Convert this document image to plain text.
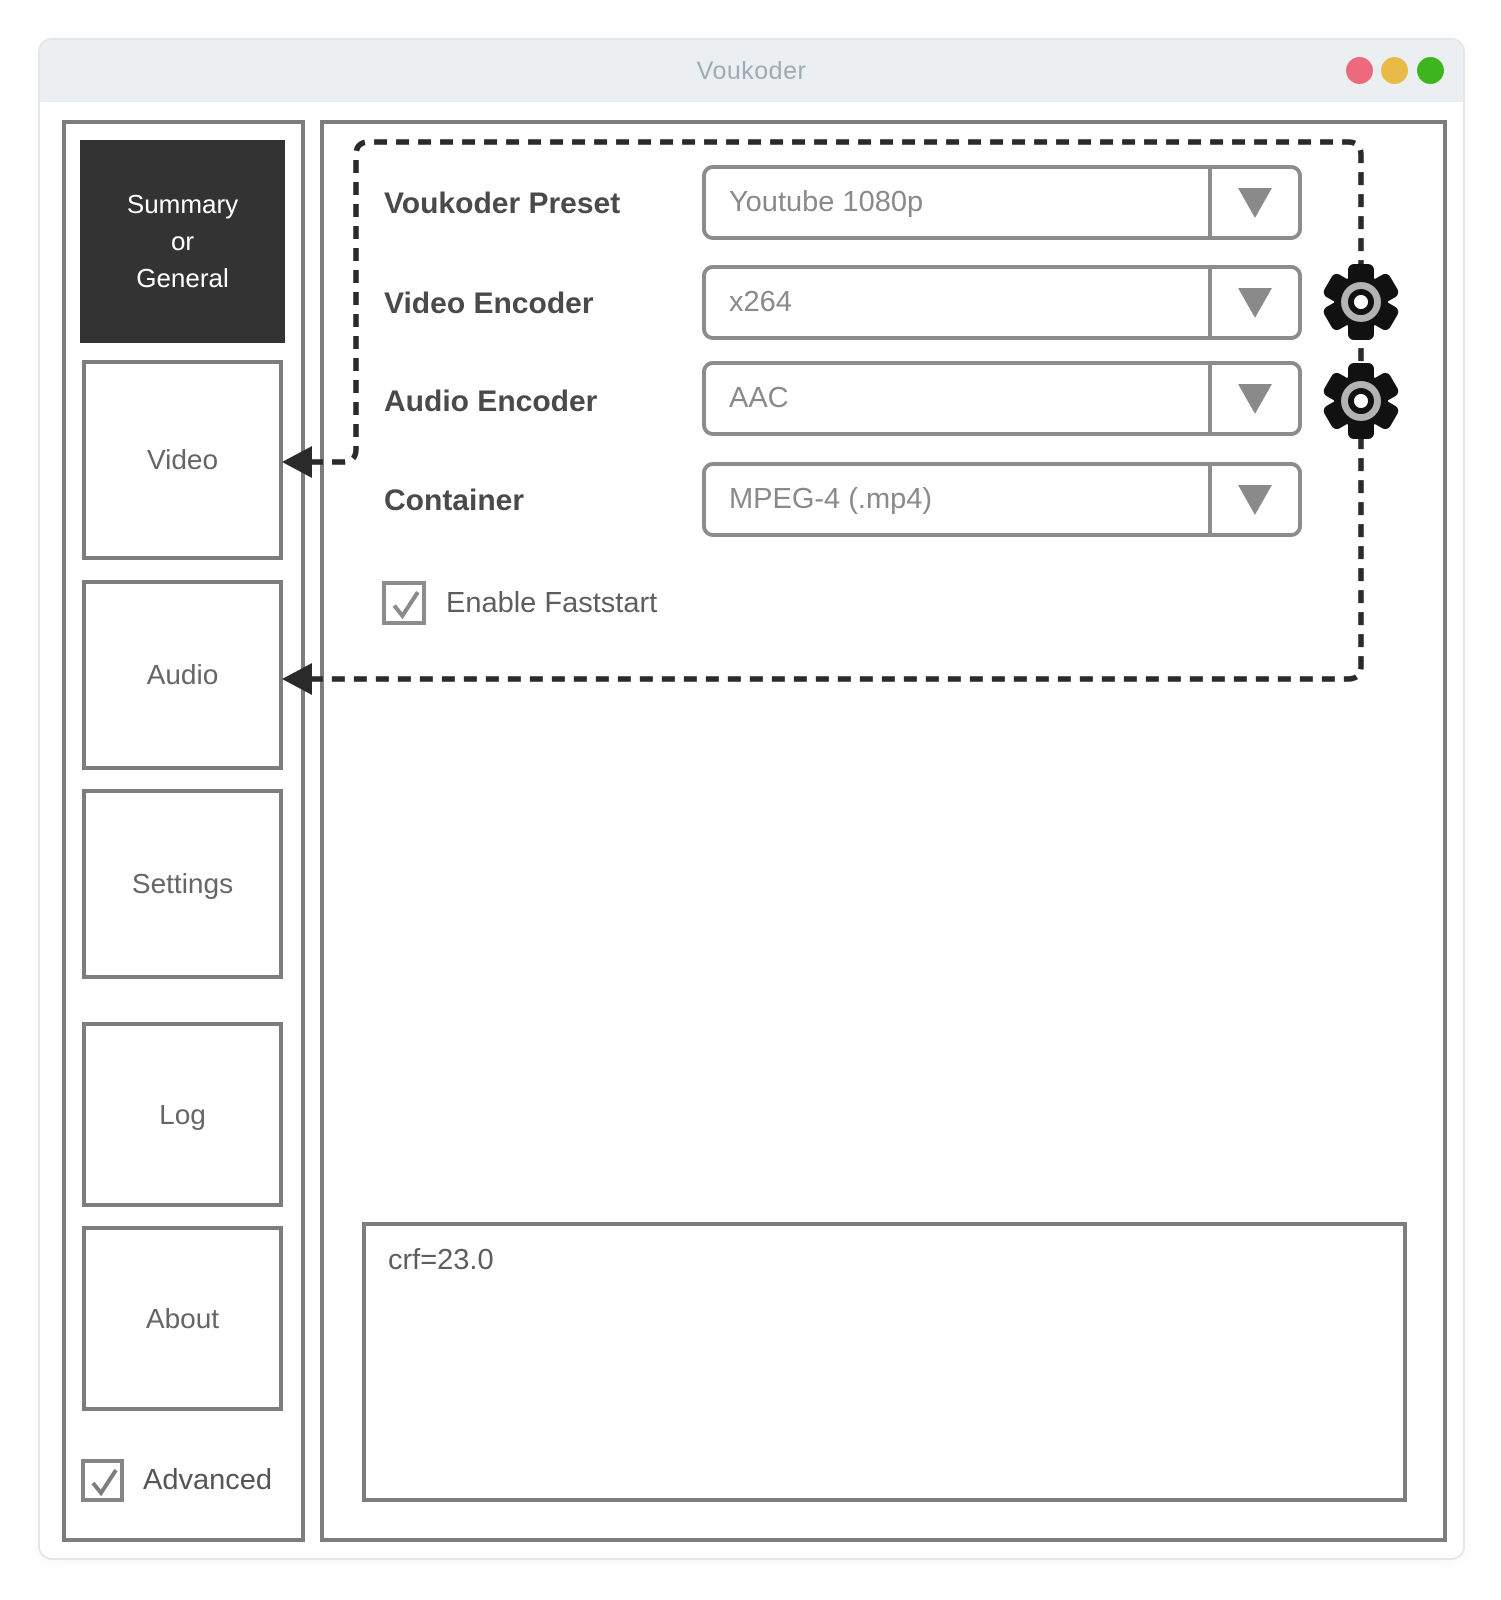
Voukoder
Summary
or
General
Video
Audio
Settings
Log
About
Advanced
Voukoder Preset
Video Encoder
Audio Encoder
Container
Youtube 1080p
x264
AAC
MPEG-4 (.mp4)
Enable Faststart
crf=23.0
